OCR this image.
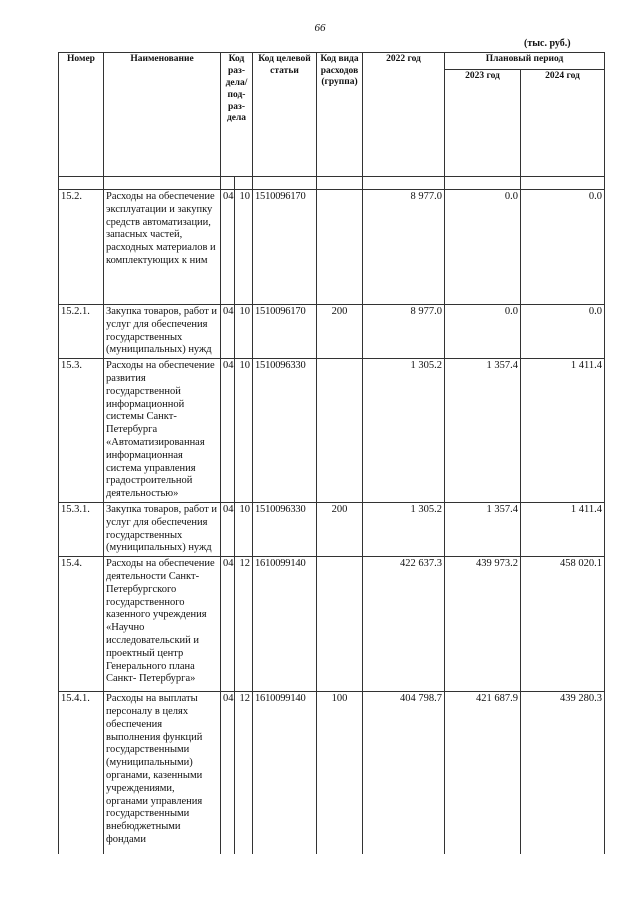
66
(тыс. руб.)
Номер	Наименование	Код раз- дела/ под- раз- дела		Код целевой статьи	Код вида расходов (группа)	2022 год	Плановый период	
							2023 год	2024 год

15.2.	Расходы на обеспечение эксплуатации и закупку средств автоматизации, запасных частей, расходных материалов и комплектующих к ним	04	10	1510096170		8 977.0	0.0	0.0
15.2.1.	Закупка товаров, работ и услуг для обеспечения государственных (муниципальных) нужд	04	10	1510096170	200	8 977.0	0.0	0.0
15.3.	Расходы на обеспечение развития государственной информационной системы Санкт-Петербурга «Автоматизированная информационная система управления градостроительной деятельностью»	04	10	1510096330		1 305.2	1 357.4	1 411.4
15.3.1.	Закупка товаров, работ и услуг для обеспечения государственных (муниципальных) нужд	04	10	1510096330	200	1 305.2	1 357.4	1 411.4
15.4.	Расходы на обеспечение деятельности Санкт-Петербургского государственного казенного учреждения «Научно исследовательский и проектный центр Генерального плана Санкт- Петербурга»	04	12	1610099140		422 637.3	439 973.2	458 020.1
15.4.1.	Расходы на выплаты персоналу в целях обеспечения выполнения функций государственными (муниципальными) органами, казенными учреждениями, органами управления государственными внебюджетными фондами	04	12	1610099140	100	404 798.7	421 687.9	439 280.3
